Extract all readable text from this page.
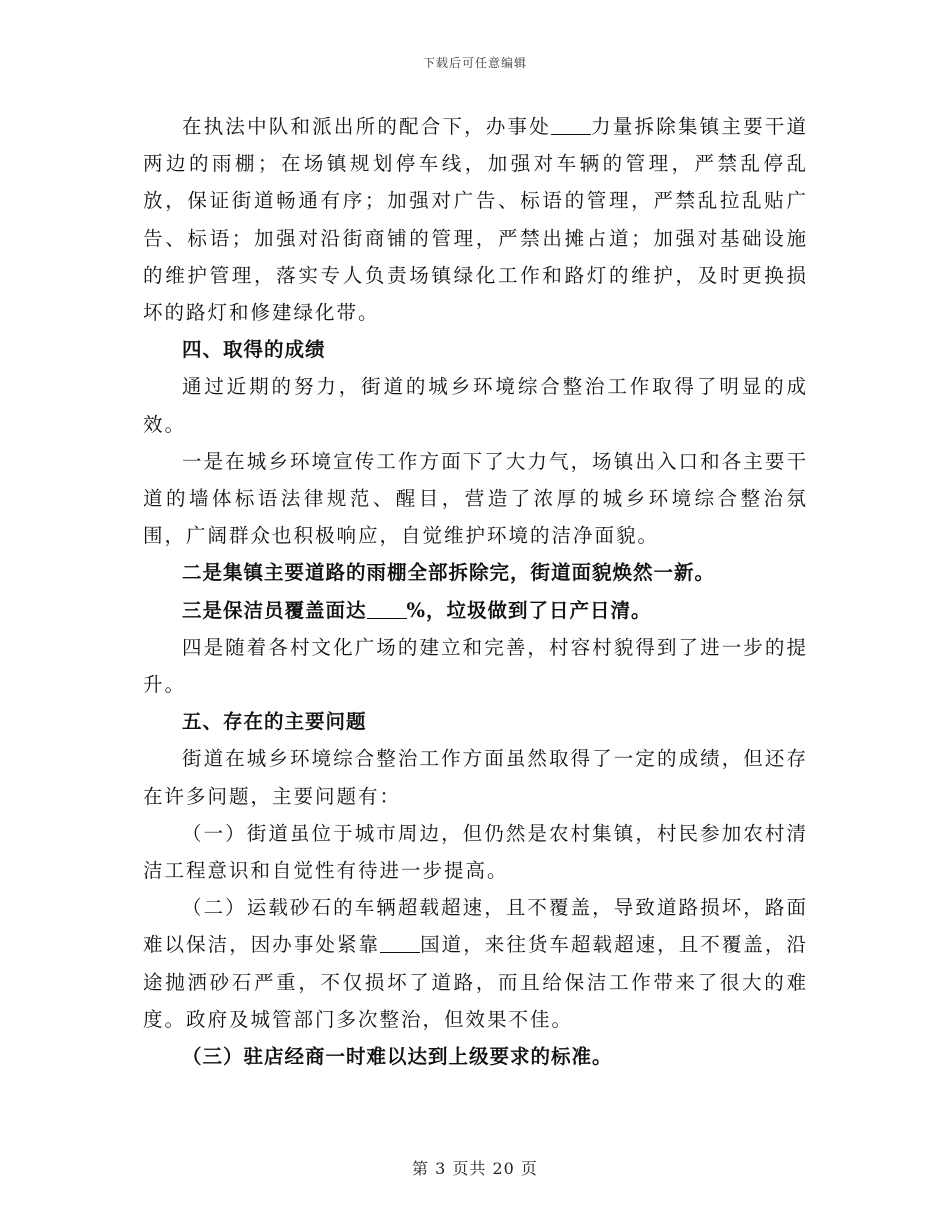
下载后可任意编辑

在执法中队和派出所的配合下，办事处 力量拆除集镇主要干道两边的雨棚；在场镇规划停车线，加强对车辆的管理，严禁乱停乱放，保证街道畅通有序；加强对广告、标语的管理，严禁乱拉乱贴广告、标语；加强对沿街商铺的管理，严禁出摊占道；加强对基础设施的维护管理，落实专人负责场镇绿化工作和路灯的维护，及时更换损坏的路灯和修建绿化带。

四、取得的成绩

通过近期的努力，街道的城乡环境综合整治工作取得了明显的成效。

一是在城乡环境宣传工作方面下了大力气，场镇出入口和各主要干道的墙体标语法律规范、醒目，营造了浓厚的城乡环境综合整治氛围，广阔群众也积极响应，自觉维护环境的洁净面貌。

二是集镇主要道路的雨棚全部拆除完，街道面貌焕然一新。

三是保洁员覆盖面达 %，垃圾做到了日产日清。

四是随着各村文化广场的建立和完善，村容村貌得到了进一步的提升。

五、存在的主要问题

街道在城乡环境综合整治工作方面虽然取得了一定的成绩，但还存在许多问题，主要问题有：

（一）街道虽位于城市周边，但仍然是农村集镇，村民参加农村清洁工程意识和自觉性有待进一步提高。

（二）运载砂石的车辆超载超速，且不覆盖，导致道路损坏，路面难以保洁，因办事处紧靠 国道，来往货车超载超速，且不覆盖，沿途抛洒砂石严重，不仅损坏了道路，而且给保洁工作带来了很大的难度。政府及城管部门多次整治，但效果不佳。

（三）驻店经商一时难以达到上级要求的标准。

第 3 页共 20 页
